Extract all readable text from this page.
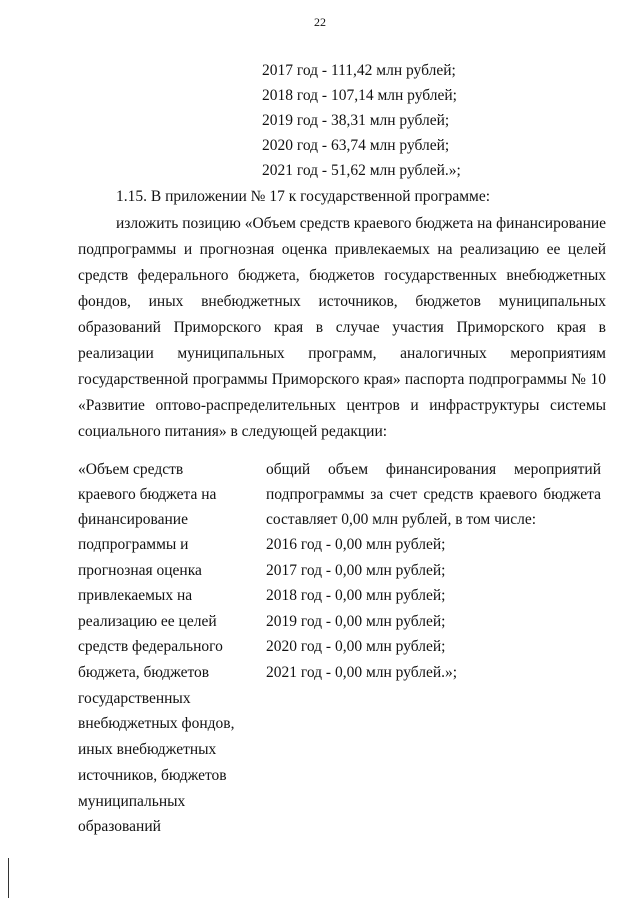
22
2017 год - 111,42 млн рублей;
2018 год - 107,14 млн рублей;
2019 год - 38,31 млн рублей;
2020 год - 63,74 млн рублей;
2021 год - 51,62 млн рублей.»;
1.15. В приложении № 17 к государственной программе:
изложить позицию «Объем средств краевого бюджета на финансирование
подпрограммы и прогнозная оценка привлекаемых на реализацию ее целей
средств федерального бюджета, бюджетов государственных внебюджетных
фондов, иных внебюджетных источников, бюджетов муниципальных
образований Приморского края в случае участия Приморского края в
реализации муниципальных программ, аналогичных мероприятиям
государственной программы Приморского края» паспорта подпрограммы № 10
«Развитие оптово-распределительных центров и инфраструктуры системы
социального питания» в следующей редакции:
«Объем средств
краевого бюджета на
финансирование
подпрограммы и
прогнозная оценка
привлекаемых на
реализацию ее целей
средств федерального
бюджета, бюджетов
государственных
внебюджетных фондов,
иных внебюджетных
источников, бюджетов
муниципальных
образований
общий объем финансирования мероприятий
подпрограммы за счет средств краевого бюджета
составляет 0,00 млн рублей, в том числе:
2016 год - 0,00 млн рублей;
2017 год - 0,00 млн рублей;
2018 год - 0,00 млн рублей;
2019 год - 0,00 млн рублей;
2020 год - 0,00 млн рублей;
2021 год - 0,00 млн рублей.»;
